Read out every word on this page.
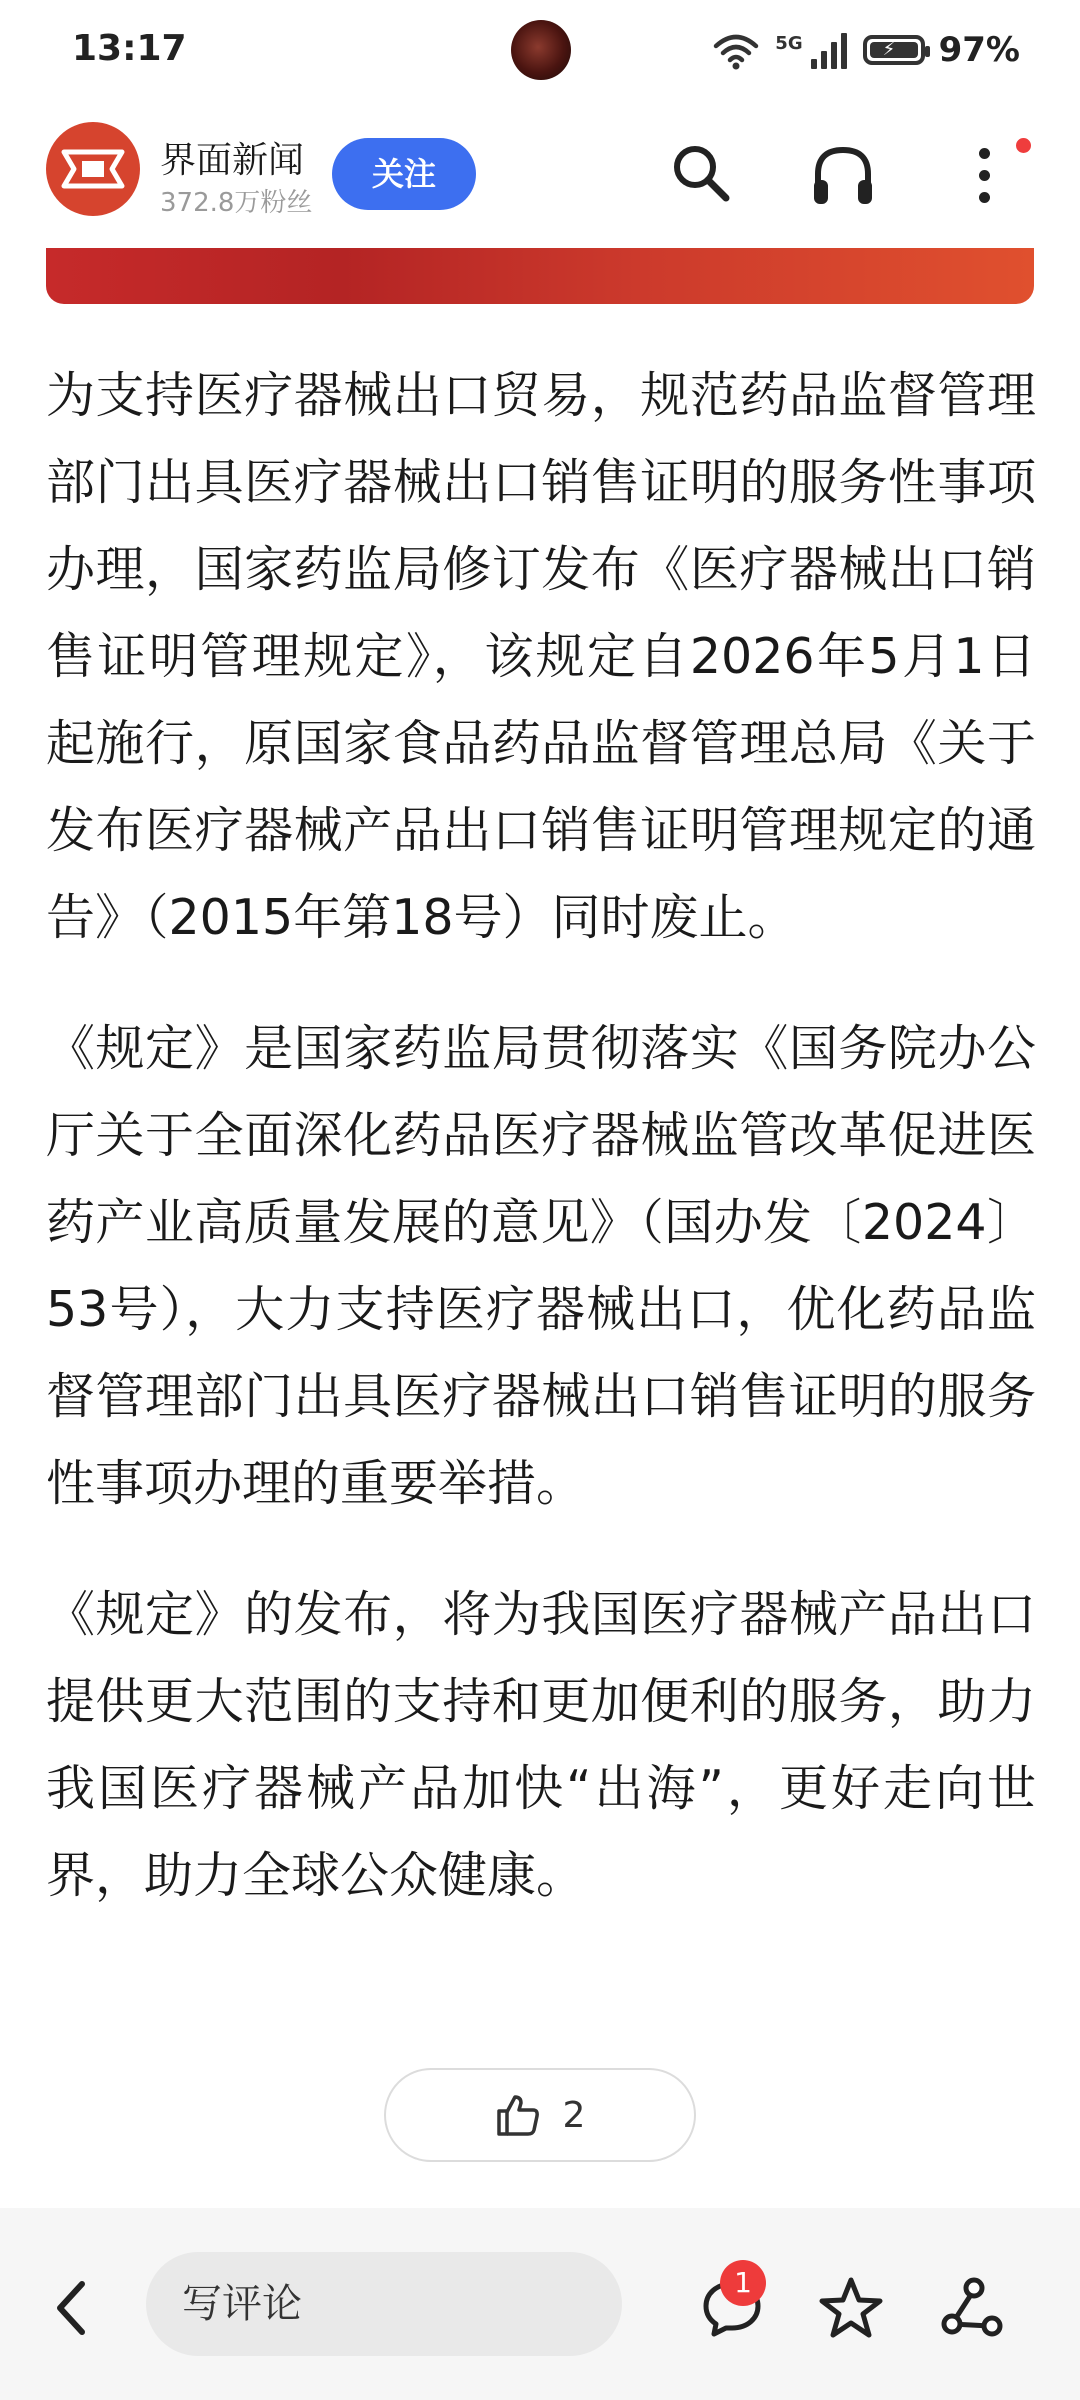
13:17	5G	⚡ 97%
界面新闻
372.8万粉丝
关注

为支持医疗器械出口贸易，规范药品监督管理部门出具医疗器械出口销售证明的服务性事项办理，国家药监局修订发布《医疗器械出口销售证明管理规定》，该规定自2026年5月1日起施行，原国家食品药品监督管理总局《关于发布医疗器械产品出口销售证明管理规定的通告》（2015年第18号）同时废止。

《规定》是国家药监局贯彻落实《国务院办公厅关于全面深化药品医疗器械监管改革促进医药产业高质量发展的意见》（国办发〔2024〕53号），大力支持医疗器械出口，优化药品监督管理部门出具医疗器械出口销售证明的服务性事项办理的重要举措。

《规定》的发布，将为我国医疗器械产品出口提供更大范围的支持和更加便利的服务，助力我国医疗器械产品加快“出海”，更好走向世界，助力全球公众健康。

2
写评论	1
